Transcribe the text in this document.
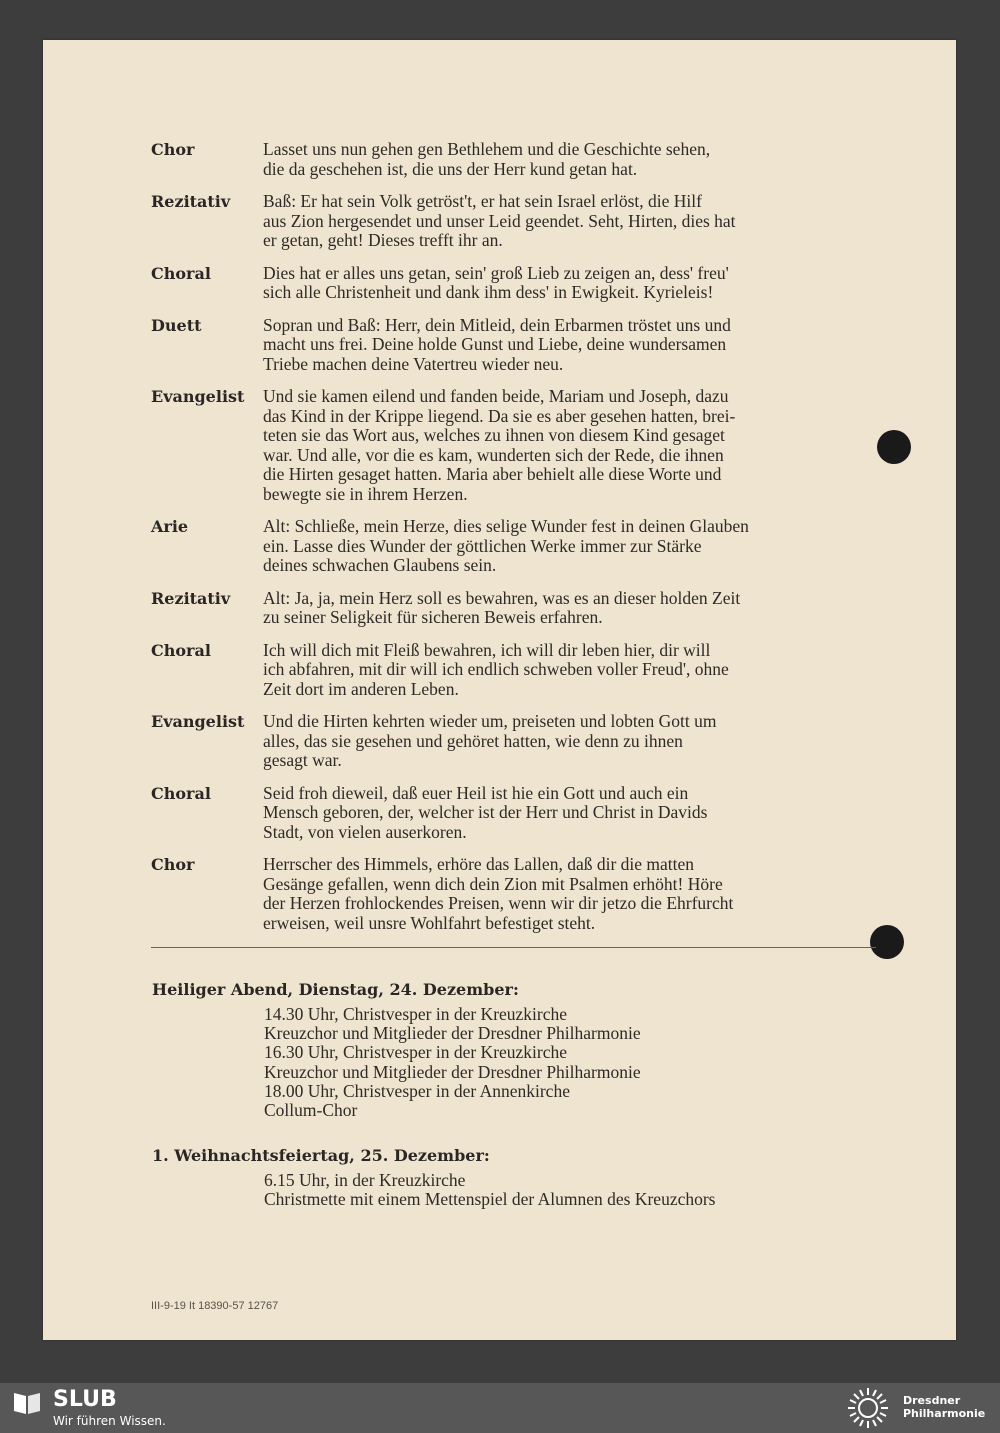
Chor	Lasset uns nun gehen gen Bethlehem und die Geschichte sehen,
die da geschehen ist, die uns der Herr kund getan hat.
Rezitativ	Baß: Er hat sein Volk getröst't, er hat sein Israel erlöst, die Hilf
aus Zion hergesendet und unser Leid geendet. Seht, Hirten, dies hat
er getan, geht! Dieses trefft ihr an.
Choral	Dies hat er alles uns getan, sein' groß Lieb zu zeigen an, dess' freu'
sich alle Christenheit und dank ihm dess' in Ewigkeit. Kyrieleis!
Duett	Sopran und Baß: Herr, dein Mitleid, dein Erbarmen tröstet uns und
macht uns frei. Deine holde Gunst und Liebe, deine wundersamen
Triebe machen deine Vatertreu wieder neu.
Evangelist	Und sie kamen eilend und fanden beide, Mariam und Joseph, dazu
das Kind in der Krippe liegend. Da sie es aber gesehen hatten, brei-
teten sie das Wort aus, welches zu ihnen von diesem Kind gesaget
war. Und alle, vor die es kam, wunderten sich der Rede, die ihnen
die Hirten gesaget hatten. Maria aber behielt alle diese Worte und
bewegte sie in ihrem Herzen.
Arie	Alt: Schließe, mein Herze, dies selige Wunder fest in deinen Glauben
ein. Lasse dies Wunder der göttlichen Werke immer zur Stärke
deines schwachen Glaubens sein.
Rezitativ	Alt: Ja, ja, mein Herz soll es bewahren, was es an dieser holden Zeit
zu seiner Seligkeit für sicheren Beweis erfahren.
Choral	Ich will dich mit Fleiß bewahren, ich will dir leben hier, dir will
ich abfahren, mit dir will ich endlich schweben voller Freud', ohne
Zeit dort im anderen Leben.
Evangelist	Und die Hirten kehrten wieder um, preiseten und lobten Gott um
alles, das sie gesehen und gehöret hatten, wie denn zu ihnen
gesagt war.
Choral	Seid froh dieweil, daß euer Heil ist hie ein Gott und auch ein
Mensch geboren, der, welcher ist der Herr und Christ in Davids
Stadt, von vielen auserkoren.
Chor	Herrscher des Himmels, erhöre das Lallen, daß dir die matten
Gesänge gefallen, wenn dich dein Zion mit Psalmen erhöht! Höre
der Herzen frohlockendes Preisen, wenn wir dir jetzo die Ehrfurcht
erweisen, weil unsre Wohlfahrt befestiget steht.
Heiliger Abend, Dienstag, 24. Dezember:
14.30 Uhr, Christvesper in der Kreuzkirche
Kreuzchor und Mitglieder der Dresdner Philharmonie
16.30 Uhr, Christvesper in der Kreuzkirche
Kreuzchor und Mitglieder der Dresdner Philharmonie
18.00 Uhr, Christvesper in der Annenkirche
Collum-Chor
1. Weihnachtsfeiertag, 25. Dezember:
6.15 Uhr, in der Kreuzkirche
Christmette mit einem Mettenspiel der Alumnen des Kreuzchors
III-9-19 It 18390-57 12767
SLUB
Wir führen Wissen.
Dresdner
Philharmonie
